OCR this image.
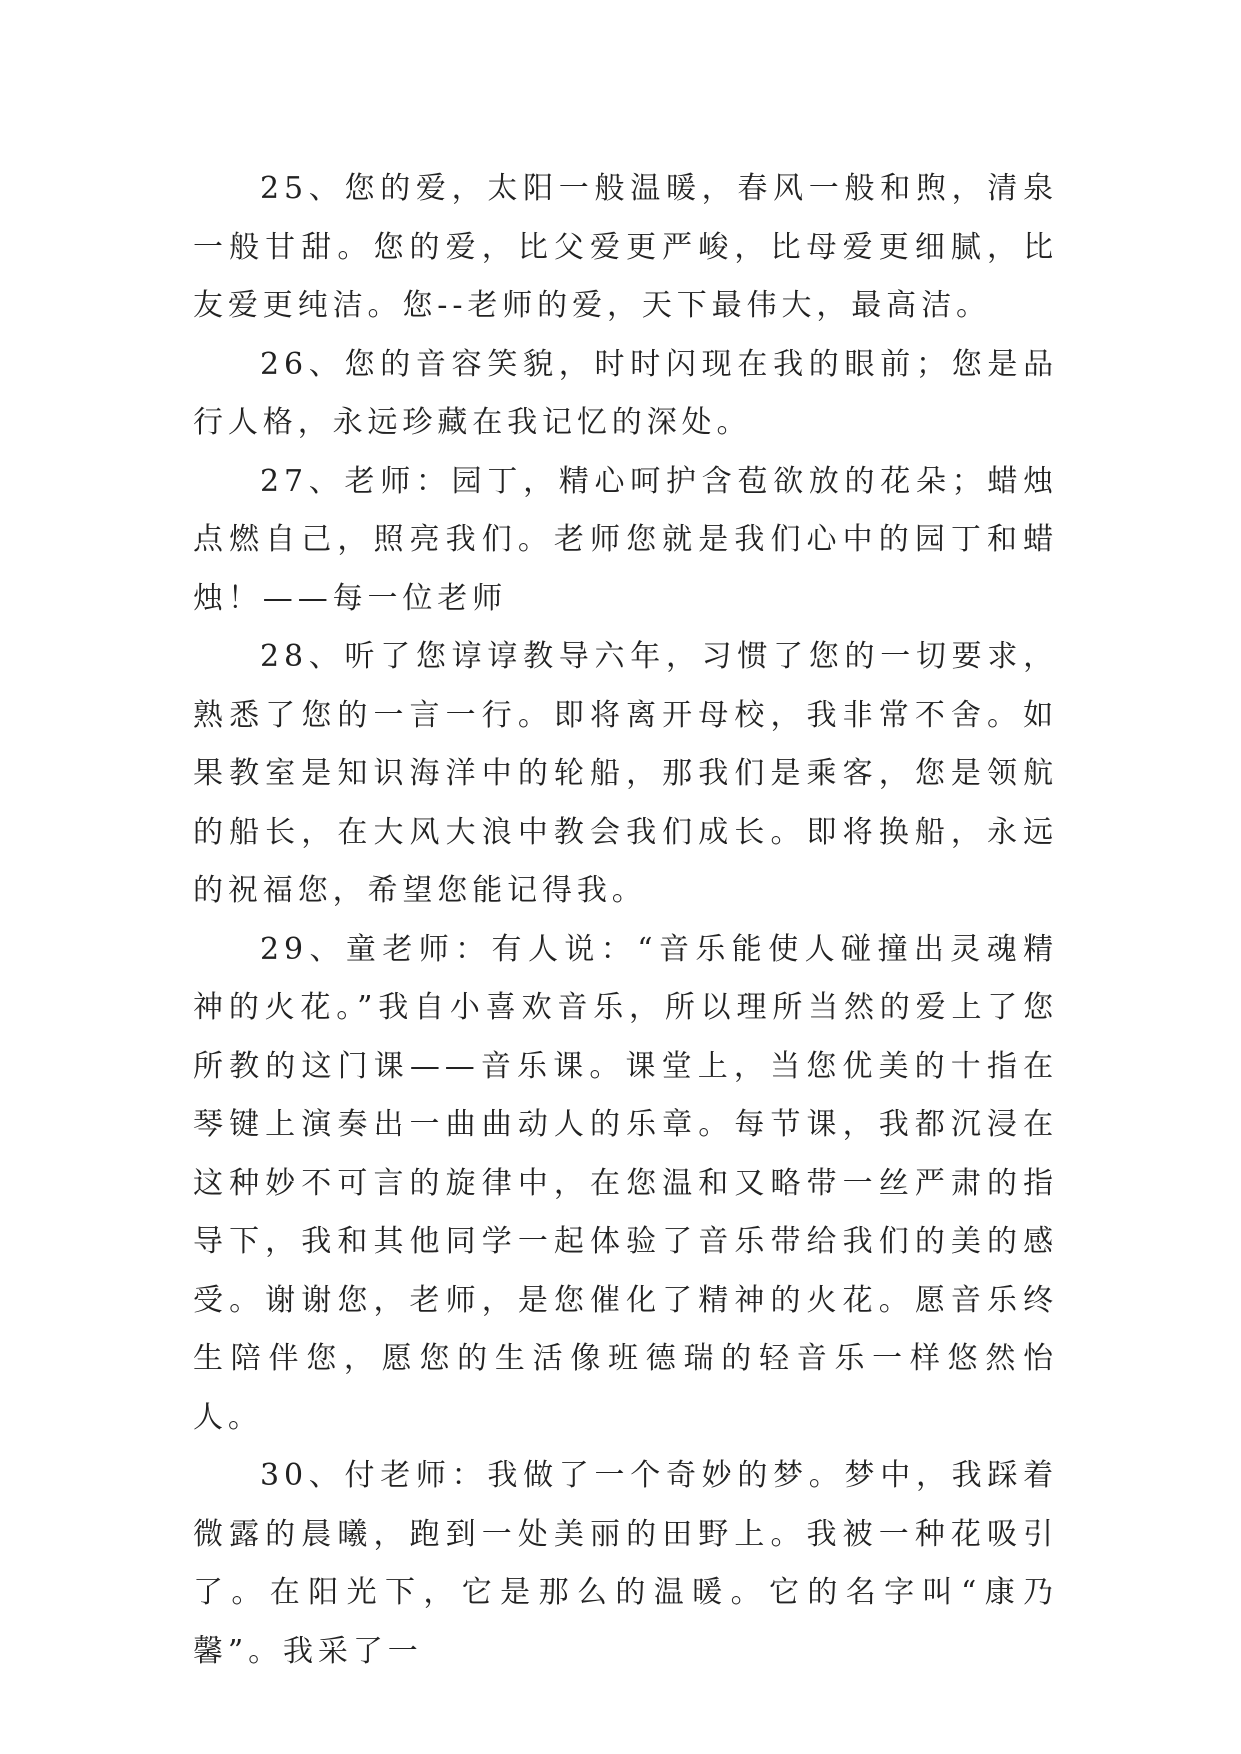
25、您的爱，太阳一般温暖，春风一般和煦，清泉一般甘甜。您的爱，比父爱更严峻，比母爱更细腻，比友爱更纯洁。您--老师的爱，天下最伟大，最高洁。

26、您的音容笑貌，时时闪现在我的眼前；您是品行人格，永远珍藏在我记忆的深处。

27、老师：园丁，精心呵护含苞欲放的花朵；蜡烛点燃自己，照亮我们。老师您就是我们心中的园丁和蜡烛！——每一位老师

28、听了您谆谆教导六年，习惯了您的一切要求，熟悉了您的一言一行。即将离开母校，我非常不舍。如果教室是知识海洋中的轮船，那我们是乘客，您是领航的船长，在大风大浪中教会我们成长。即将换船，永远的祝福您，希望您能记得我。

29、童老师：有人说：“音乐能使人碰撞出灵魂精神的火花。”我自小喜欢音乐，所以理所当然的爱上了您所教的这门课——音乐课。课堂上，当您优美的十指在琴键上演奏出一曲曲动人的乐章。每节课，我都沉浸在这种妙不可言的旋律中，在您温和又略带一丝严肃的指导下，我和其他同学一起体验了音乐带给我们的美的感受。谢谢您，老师，是您催化了精神的火花。愿音乐终生陪伴您，愿您的生活像班德瑞的轻音乐一样悠然怡人。

30、付老师：我做了一个奇妙的梦。梦中，我踩着微露的晨曦，跑到一处美丽的田野上。我被一种花吸引了。在阳光下，它是那么的温暖。它的名字叫“康乃馨”。我采了一
